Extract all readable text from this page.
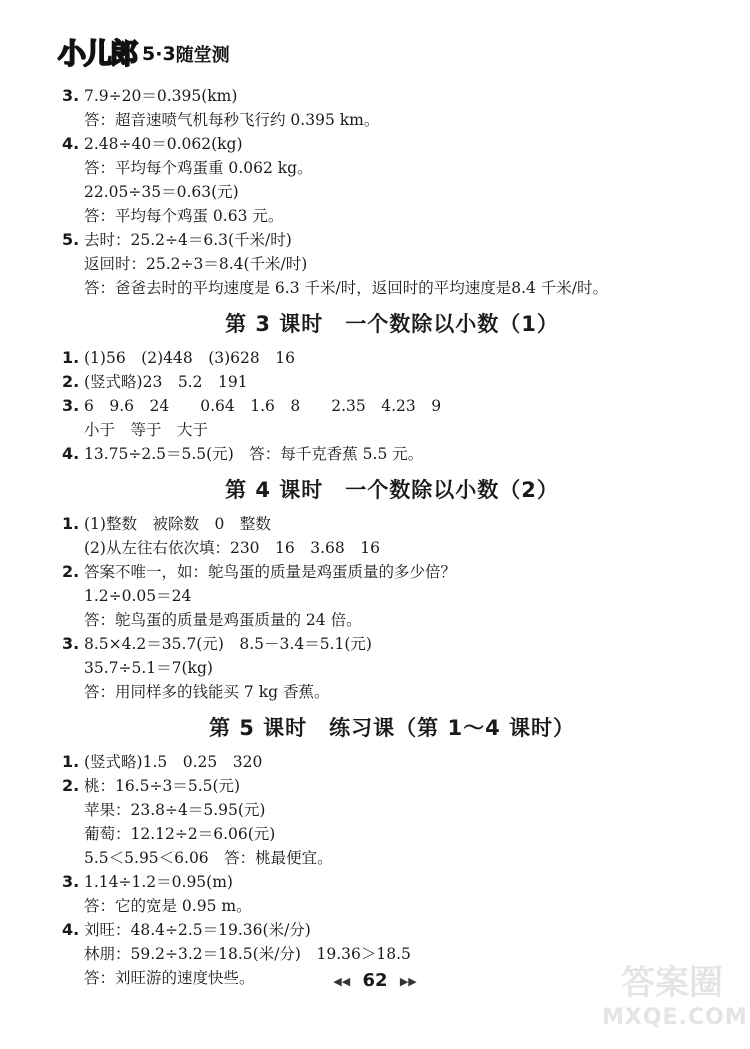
小儿郎 5·3 随堂测
3. 7.9÷20＝0.395(km)
答：超音速喷气机每秒飞行约 0.395 km。
4. 2.48÷40＝0.062(kg)
答：平均每个鸡蛋重 0.062 kg。
22.05÷35＝0.63(元)
答：平均每个鸡蛋 0.63 元。
5. 去时：25.2÷4＝6.3(千米/时)
返回时：25.2÷3＝8.4(千米/时)
答：爸爸去时的平均速度是 6.3 千米/时，返回时的平均速度是8.4 千米/时。
第 3 课时　一个数除以小数（1）
1. (1)56　(2)448　(3)628　16
2. (竖式略)23　5.2　191
3. 6　9.6　24　　0.64　1.6　8　　2.35　4.23　9
小于　等于　大于
4. 13.75÷2.5＝5.5(元)　答：每千克香蕉 5.5 元。
第 4 课时　一个数除以小数（2）
1. (1)整数　被除数　0　整数
(2)从左往右依次填：230　16　3.68　16
2. 答案不唯一，如：鸵鸟蛋的质量是鸡蛋质量的多少倍？
1.2÷0.05＝24
答：鸵鸟蛋的质量是鸡蛋质量的 24 倍。
3. 8.5×4.2＝35.7(元)　8.5－3.4＝5.1(元)
35.7÷5.1＝7(kg)
答：用同样多的钱能买 7 kg 香蕉。
第 5 课时　练习课（第 1～4 课时）
1. (竖式略)1.5　0.25　320
2. 桃：16.5÷3＝5.5(元)
苹果：23.8÷4＝5.95(元)
葡萄：12.12÷2＝6.06(元)
5.5＜5.95＜6.06　答：桃最便宜。
3. 1.14÷1.2＝0.95(m)
答：它的宽是 0.95 m。
4. 刘旺：48.4÷2.5＝19.36(米/分)
林朋：59.2÷3.2＝18.5(米/分)　19.36＞18.5
答：刘旺游的速度快些。	◀◀ 62 ▶▶	答案圈
MXQE.COM
